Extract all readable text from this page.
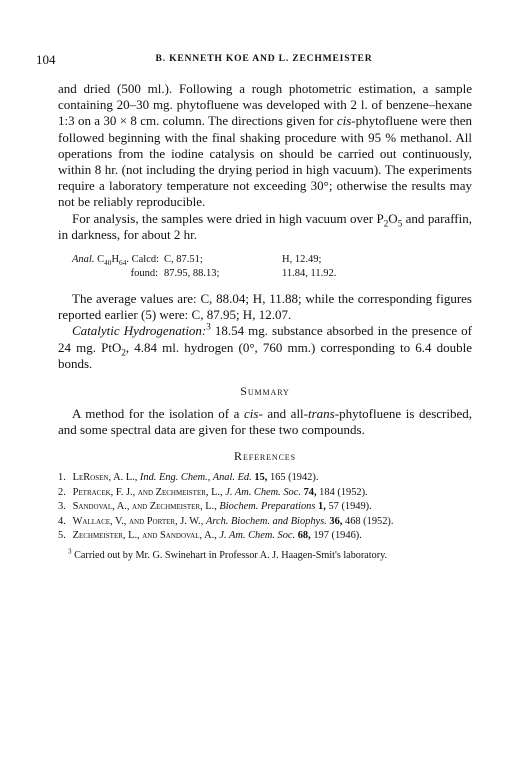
104	B. KENNETH KOE AND L. ZECHMEISTER

and dried (500 ml.). Following a rough photometric estimation, a sample containing 20–30 mg. phytofluene was developed with 2 l. of benzene–hexane 1:3 on a 30 × 8 cm. column. The directions given for cis-phytofluene were then followed beginning with the final shaking procedure with 95 % methanol. All operations from the iodine catalysis on should be carried out continuously, within 8 hr. (not including the drying period in high vacuum). The experiments require a laboratory temperature not exceeding 30°; otherwise the results may not be reliably reproducible.

For analysis, the samples were dried in high vacuum over $P_2O_5$ and paraffin, in darkness, for about 2 hr.

Anal. $C_{40}H_{64}$. Calcd: C, 87.51;	H, 12.49;
found: 87.95, 88.13;	11.84, 11.92.

The average values are: C, 88.04; H, 11.88; while the corresponding figures reported earlier (5) were: C, 87.95; H, 12.07.

Catalytic Hydrogenation:$^3$ 18.54 mg. substance absorbed in the presence of 24 mg. PtO$_2$, 4.84 ml. hydrogen (0°, 760 mm.) corresponding to 6.4 double bonds.

Summary

A method for the isolation of a cis- and all-trans-phytofluene is described, and some spectral data are given for these two compounds.

References
1. LeRosen, A. L., Ind. Eng. Chem., Anal. Ed. 15, 165 (1942).
2. Petracek, F. J., and Zechmeister, L., J. Am. Chem. Soc. 74, 184 (1952).
3. Sandoval, A., and Zechmeister, L., Biochem. Preparations 1, 57 (1949).
4. Wallace, V., and Porter, J. W., Arch. Biochem. and Biophys. 36, 468 (1952).
5. Zechmeister, L., and Sandoval, A., J. Am. Chem. Soc. 68, 197 (1946).
$^3$ Carried out by Mr. G. Swinehart in Professor A. J. Haagen-Smit's laboratory.
